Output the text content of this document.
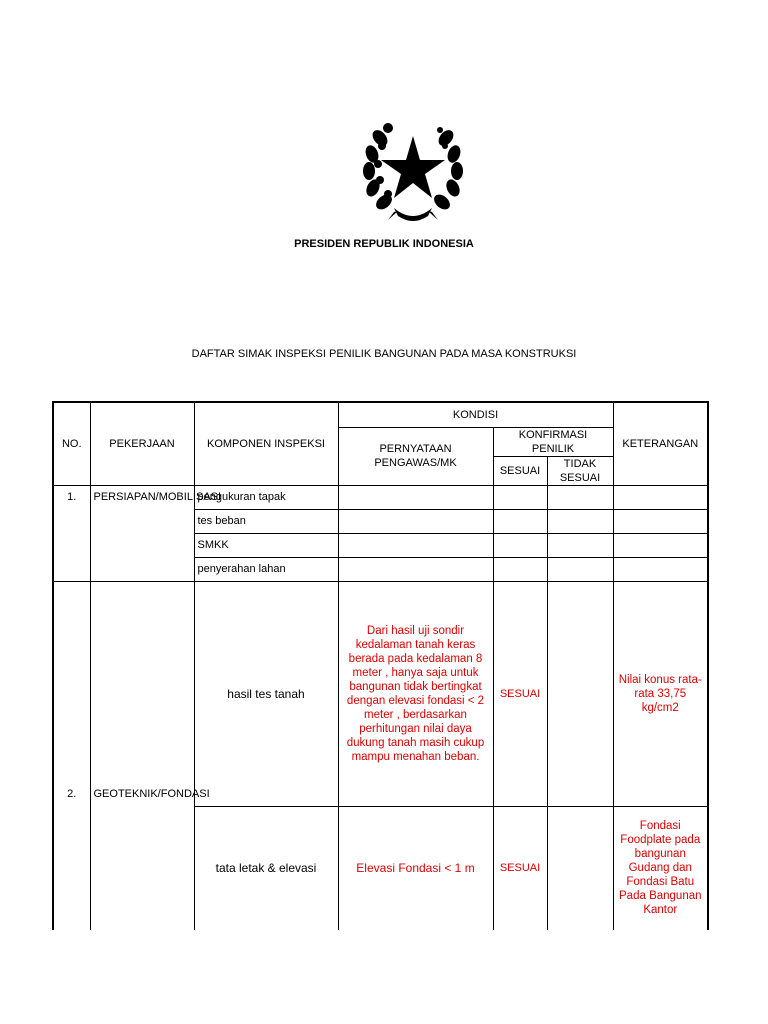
PRESIDEN REPUBLIK INDONESIA
DAFTAR SIMAK INSPEKSI PENILIK BANGUNAN PADA MASA KONSTRUKSI
NO.	PEKERJAAN	KOMPONEN INSPEKSI	KONDISI			KETERANGAN
			PERNYATAAN PENGAWAS/MK	KONFIRMASI PENILIK		
				SESUAI	TIDAK SESUAI	
1.	PERSIAPAN/MOBILISASI	pengukuran tapak				
		tes beban				
		SMKK				
		penyerahan lahan				
2.	GEOTEKNIK/FONDASI	hasil tes tanah	Dari hasil uji sondir kedalaman tanah keras berada pada kedalaman 8 meter , hanya saja untuk bangunan tidak bertingkat dengan elevasi fondasi < 2 meter , berdasarkan perhitungan nilai daya dukung tanah masih cukup mampu menahan beban.	SESUAI		Nilai konus rata-rata 33,75 kg/cm2
		tata letak & elevasi	Elevasi Fondasi < 1 m	SESUAI		Fondasi Foodplate pada bangunan Gudang dan Fondasi Batu Pada Bangunan Kantor
